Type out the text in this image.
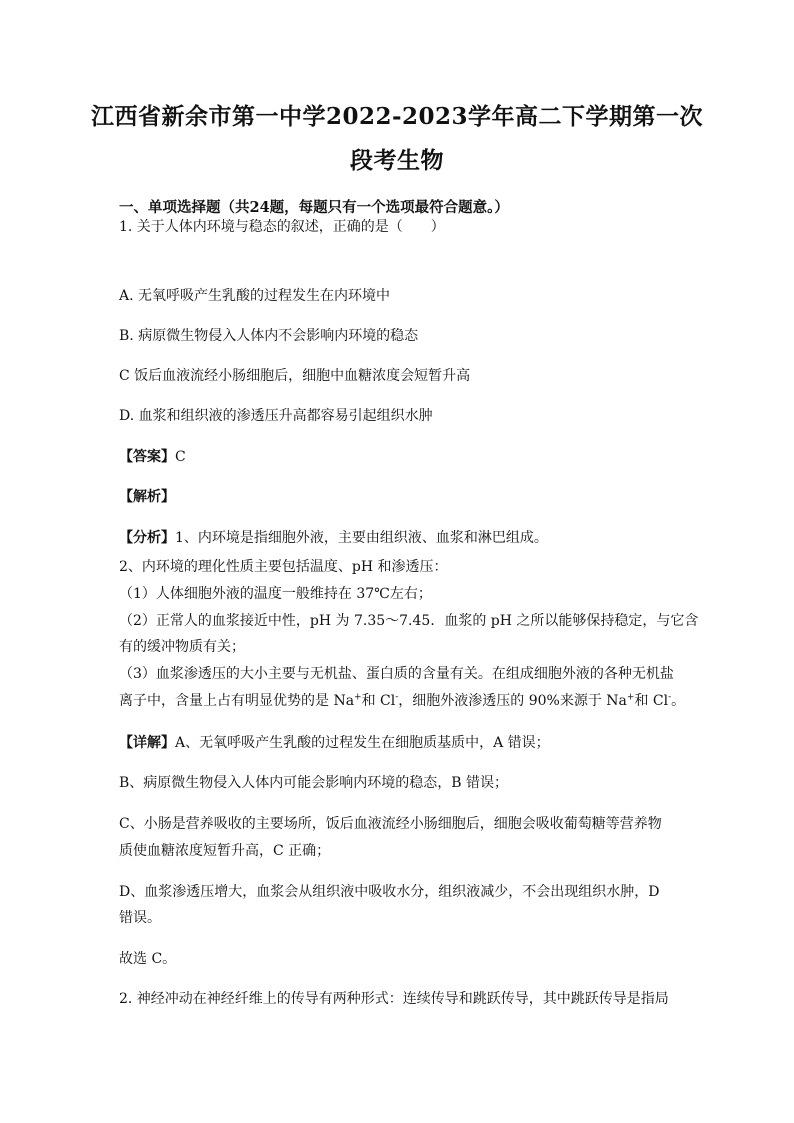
江西省新余市第一中学2022-2023学年高二下学期第一次
段考生物
一、单项选择题（共24题，每题只有一个选项最符合题意。）
1. 关于人体内环境与稳态的叙述，正确的是（　　）
A. 无氧呼吸产生乳酸的过程发生在内环境中
B. 病原微生物侵入人体内不会影响内环境的稳态
C 饭后血液流经小肠细胞后，细胞中血糖浓度会短暂升高
D. 血浆和组织液的渗透压升高都容易引起组织水肿
【答案】C
【解析】
【分析】1、内环境是指细胞外液，主要由组织液、血浆和淋巴组成。
2、内环境的理化性质主要包括温度、pH 和渗透压：
（1）人体细胞外液的温度一般维持在 37℃左右；
（2）正常人的血浆接近中性，pH 为 7.35～7.45．血浆的 pH 之所以能够保持稳定，与它含
有的缓冲物质有关；
（3）血浆渗透压的大小主要与无机盐、蛋白质的含量有关。在组成细胞外液的各种无机盐
离子中，含量上占有明显优势的是 Na+和 Cl-，细胞外液渗透压的 90%来源于 Na+和 Cl-。
【详解】A、无氧呼吸产生乳酸的过程发生在细胞质基质中，A 错误；
B、病原微生物侵入人体内可能会影响内环境的稳态，B 错误；
C、小肠是营养吸收的主要场所，饭后血液流经小肠细胞后，细胞会吸收葡萄糖等营养物
质使血糖浓度短暂升高，C 正确；
D、血浆渗透压增大，血浆会从组织液中吸收水分，组织液减少，不会出现组织水肿，D
错误。
故选 C。
2. 神经冲动在神经纤维上的传导有两种形式：连续传导和跳跃传导，其中跳跃传导是指局
